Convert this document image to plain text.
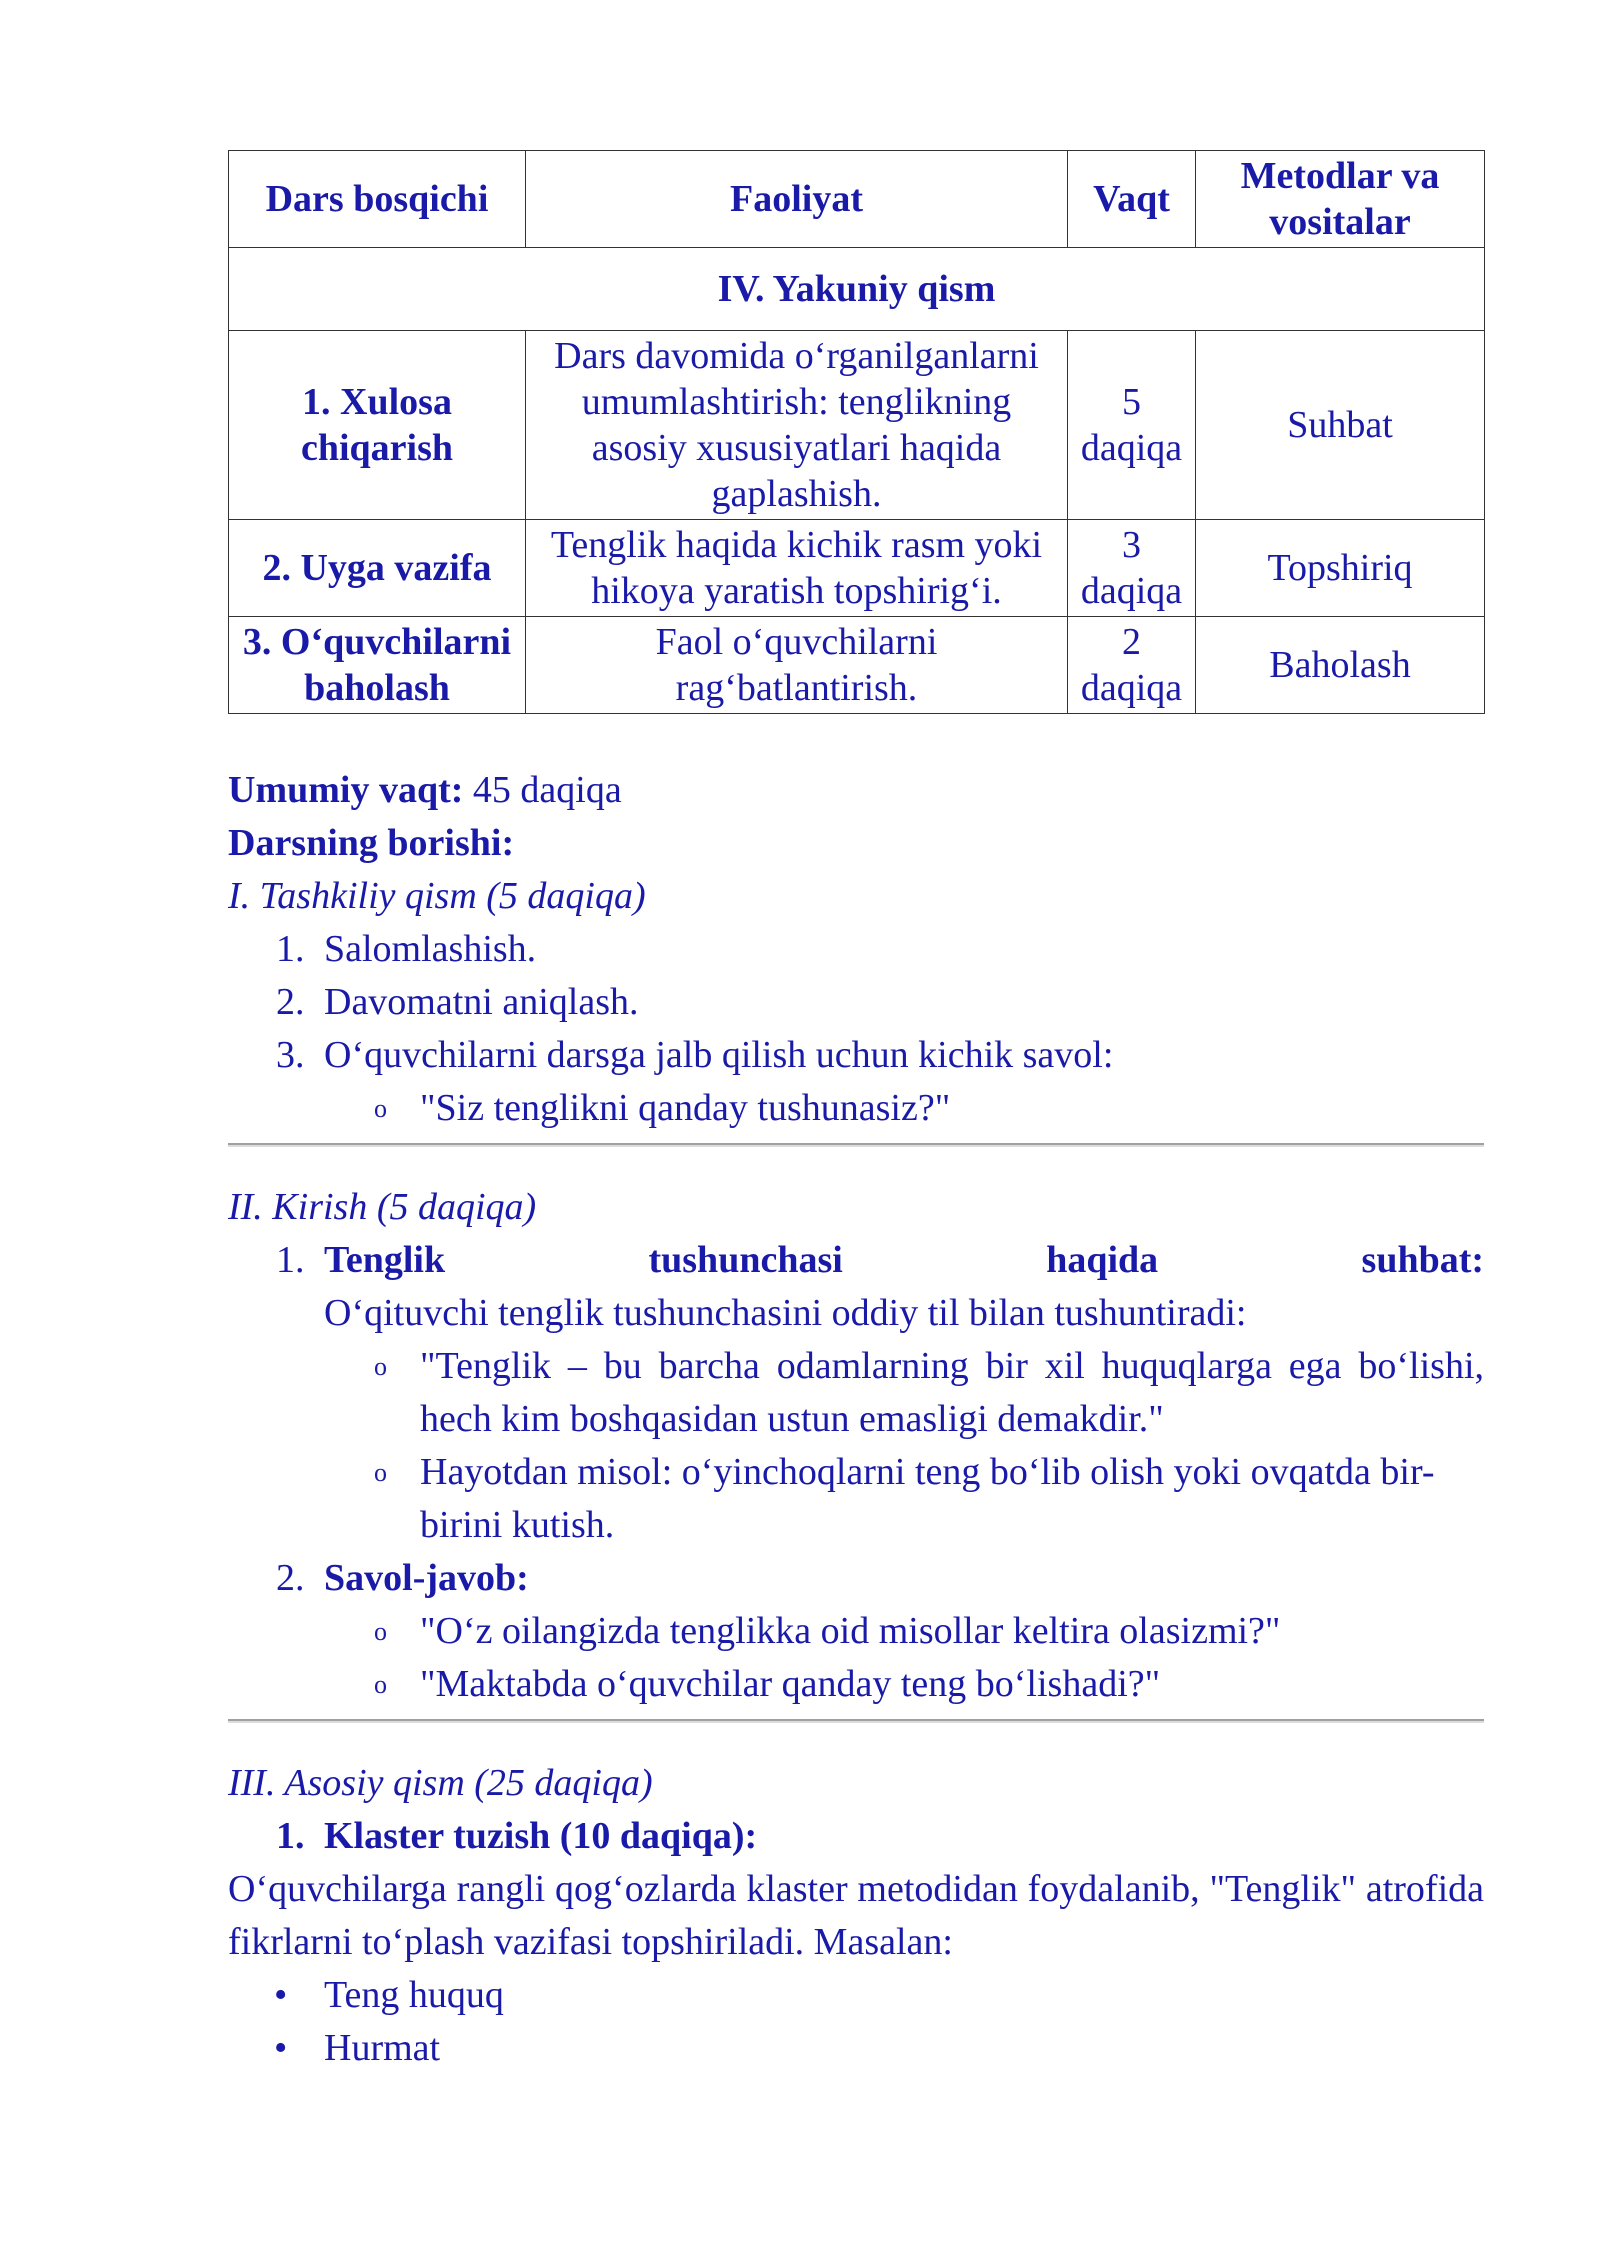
Dars bosqichi	Faoliyat	Vaqt	Metodlar va vositalar
IV. Yakuniy qism			
1. Xulosa chiqarish	Dars davomida o‘rganilganlarni umumlashtirish: tenglikning asosiy xususiyatlari haqida gaplashish.	5 daqiqa	Suhbat
2. Uyga vazifa	Tenglik haqida kichik rasm yoki hikoya yaratish topshirig‘i.	3 daqiqa	Topshiriq
3. O‘quvchilarni baholash	Faol o‘quvchilarni rag‘batlantirish.	2 daqiqa	Baholash

Umumiy vaqt: 45 daqiqa

Darsning borishi:

I. Tashkiliy qism (5 daqiqa)

1. Salomlashish.
2. Davomatni aniqlash.
3. O‘quvchilarni darsga jalb qilish uchun kichik savol:
o "Siz tenglikni qanday tushunasiz?"

II. Kirish (5 daqiqa)

1. Tenglik	tushunchasi	haqida	suhbat:
O‘qituvchi tenglik tushunchasini oddiy til bilan tushuntiradi:
o "Tenglik – bu barcha odamlarning bir xil huquqlarga ega bo‘lishi, hech kim boshqasidan ustun emasligi demakdir."
o Hayotdan misol: o‘yinchoqlarni teng bo‘lib olish yoki ovqatda bir-birini kutish.
2. Savol-javob:
o "O‘z oilangizda tenglikka oid misollar keltira olasizmi?"
o "Maktabda o‘quvchilar qanday teng bo‘lishadi?"

III. Asosiy qism (25 daqiqa)

1. Klaster tuzish (10 daqiqa):

O‘quvchilarga rangli qog‘ozlarda klaster metodidan foydalanib, "Tenglik" atrofida fikrlarni to‘plash vazifasi topshiriladi. Masalan:

• Teng huquq
• Hurmat
